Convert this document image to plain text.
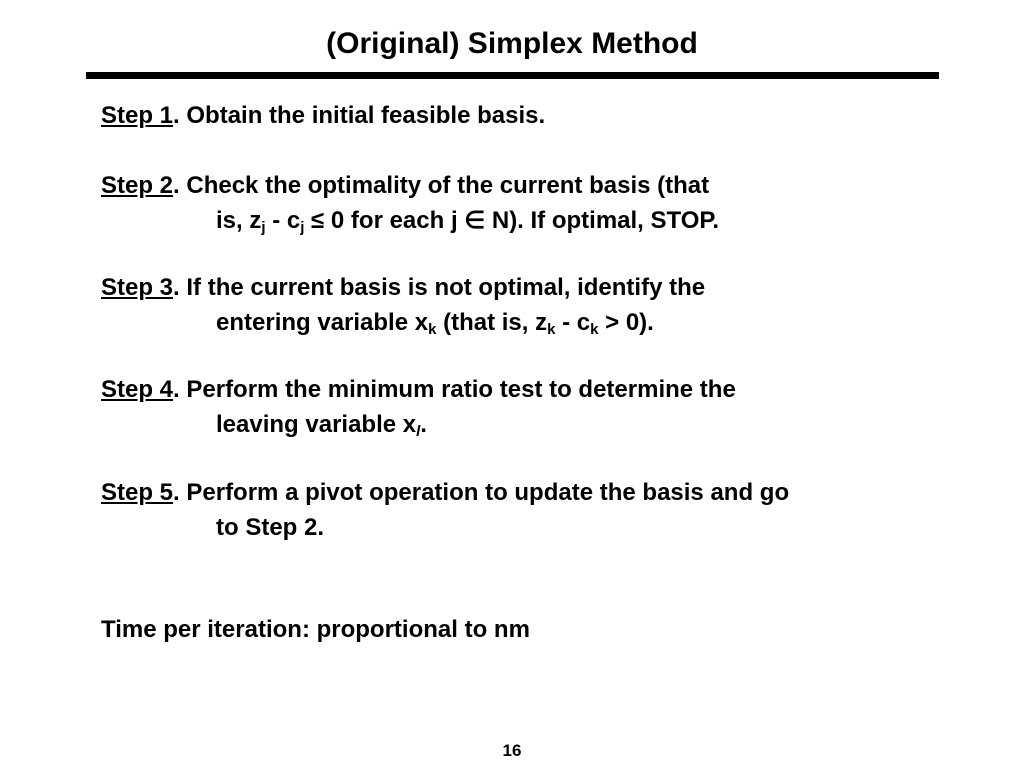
(Original) Simplex Method
Step 1. Obtain the initial feasible basis.
Step 2. Check the optimality of the current basis (that
is, $z_j - c_j \le 0$ for each j ∈ N). If optimal, STOP.
Step 3. If the current basis is not optimal, identify the
entering variable $x_k$ (that is, $z_k - c_k > 0$).
Step 4. Perform the minimum ratio test to determine the
leaving variable $x_l$.
Step 5. Perform a pivot operation to update the basis and go
to Step 2.
Time per iteration: proportional to nm
16
